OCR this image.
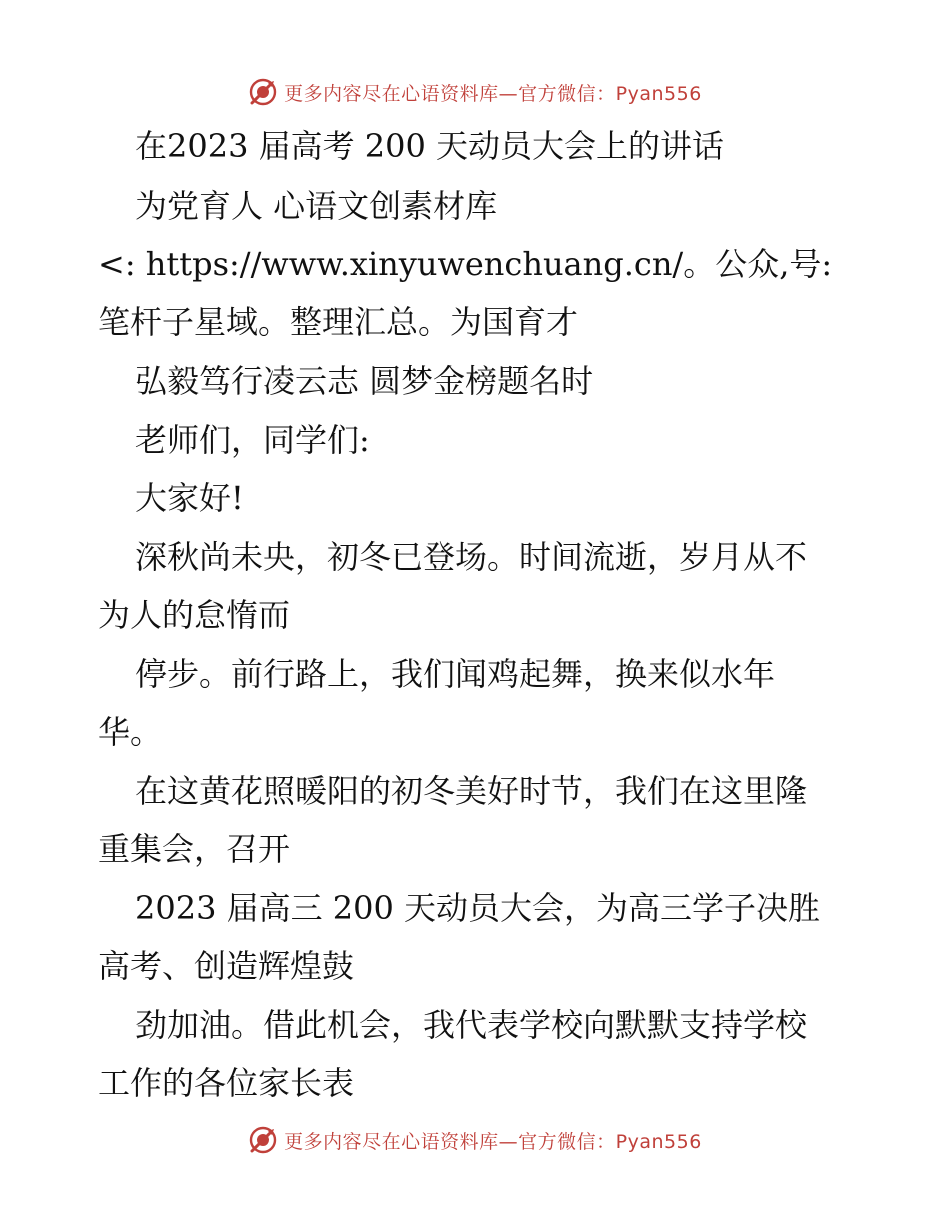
更多内容尽在心语资料库—官方微信：Pyan556
在2023 届高考 200 天动员大会上的讲话
为党育人 心语文创素材库
<: https://www.xinyuwenchuang.cn/。公众,号:
笔杆子星域。整理汇总。为国育才
弘毅笃行凌云志 圆梦金榜题名时
老师们，同学们:
大家好!
深秋尚未央，初冬已登场。时间流逝，岁月从不
为人的怠惰而
停步。前行路上，我们闻鸡起舞，换来似水年
华。
在这黄花照暖阳的初冬美好时节，我们在这里隆
重集会，召开
2023 届高三 200 天动员大会，为高三学子决胜
高考、创造辉煌鼓
劲加油。借此机会，我代表学校向默默支持学校
工作的各位家长表
更多内容尽在心语资料库—官方微信：Pyan556
